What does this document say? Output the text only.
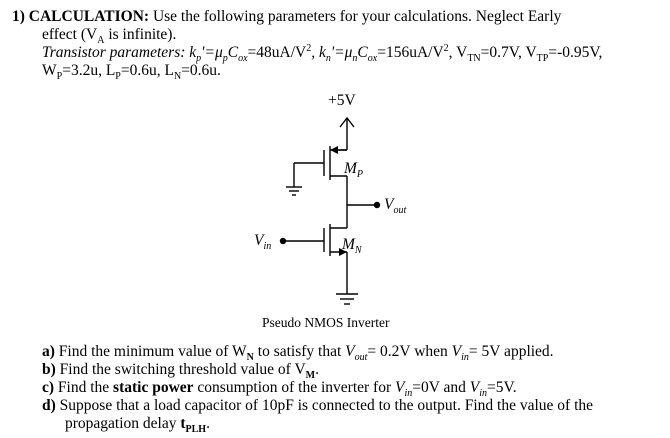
1) CALCULATION: Use the following parameters for your calculations. Neglect Early
effect ($V_A$ is infinite).
Transistor parameters: $k_p'=\mu_pC_{ox}=48uA/V^2$, $k_n'=\mu_nC_{ox}=156uA/V^2$, $V_{TN}=0.7V$, $V_{TP}=-0.95V$,
$W_P=3.2u$, $L_P=0.6u$, $L_N=0.6u$.
+5V
$M_P$
$V_{out}$
$M_N$
$V_{in}$
Pseudo NMOS Inverter
a) Find the minimum value of $W_N$ to satisfy that $V_{out}= 0.2V$ when $V_{in}= 5V$ applied.
b) Find the switching threshold value of $V_M$.
c) Find the static power consumption of the inverter for $V_{in}=0V$ and $V_{in}=5V$.
d) Suppose that a load capacitor of 10pF is connected to the output. Find the value of the
propagation delay $t_{PLH}$.
